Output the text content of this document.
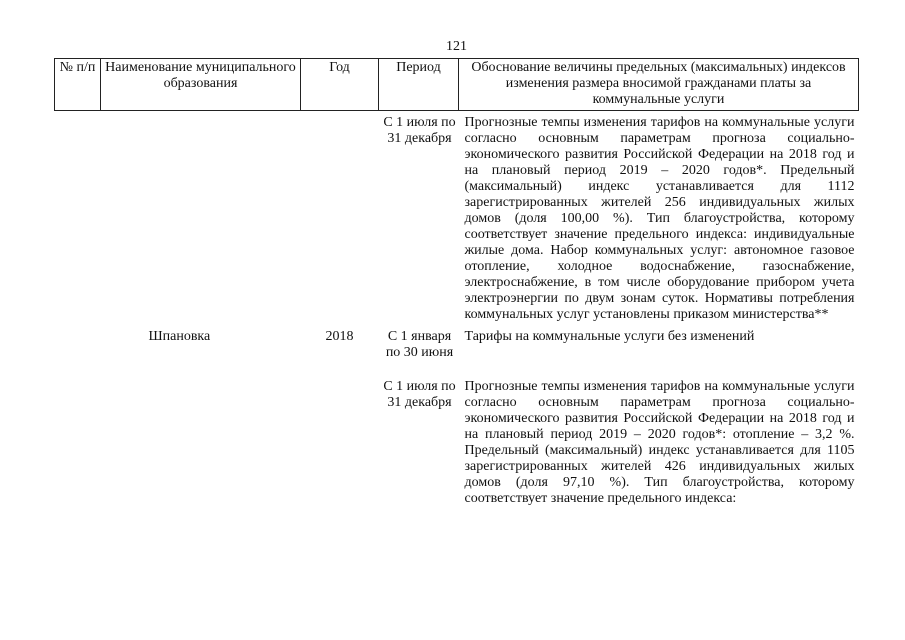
121
№ п/п	Наименование муниципального образования	Год	Период	Обоснование величины предельных (максимальных) индексов изменения размера вносимой гражданами платы за коммунальные услуги
			С 1 июля по 31 декабря	Прогнозные темпы изменения тарифов на коммунальные услуги согласно основным параметрам прогноза социально-экономического развития Российской Федерации на 2018 год и на плановый период 2019 – 2020 годов*. Предельный (максимальный) индекс устанавливается для 1112 зарегистрированных жителей 256 индивидуальных жилых домов (доля 100,00 %). Тип благоустройства, которому соответствует значение предельного индекса: индивидуальные жилые дома. Набор коммунальных услуг: автономное газовое отопление, холодное водоснабжение, газоснабжение, электроснабжение, в том числе оборудование прибором учета электроэнергии по двум зонам суток. Нормативы потребления коммунальных услуг установлены приказом министерства**
	Шпановка	2018	С 1 января по 30 июня	Тарифы на коммунальные услуги без изменений
			С 1 июля по 31 декабря	Прогнозные темпы изменения тарифов на коммунальные услуги согласно основным параметрам прогноза социально-экономического развития Российской Федерации на 2018 год и на плановый период 2019 – 2020 годов*: отопление – 3,2 %. Предельный (максимальный) индекс устанавливается для 1105 зарегистрированных жителей 426 индивидуальных жилых домов (доля 97,10 %). Тип благоустройства, которому соответствует значение предельного индекса:
